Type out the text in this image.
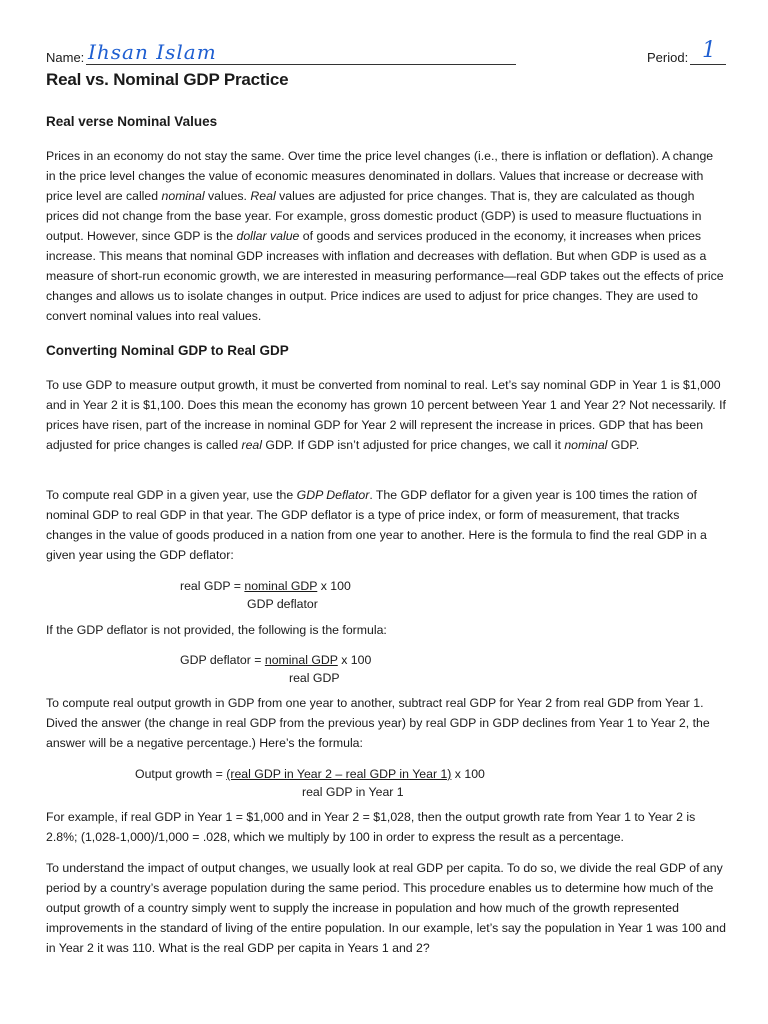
Name: Ihsan Islam	Period: 1
Real vs. Nominal GDP Practice
Real verse Nominal Values

Prices in an economy do not stay the same. Over time the price level changes (i.e., there is inflation or deflation). A change in the price level changes the value of economic measures denominated in dollars. Values that increase or decrease with price level are called nominal values. Real values are adjusted for price changes. That is, they are calculated as though prices did not change from the base year. For example, gross domestic product (GDP) is used to measure fluctuations in output. However, since GDP is the dollar value of goods and services produced in the economy, it increases when prices increase. This means that nominal GDP increases with inflation and decreases with deflation. But when GDP is used as a measure of short-run economic growth, we are interested in measuring performance—real GDP takes out the effects of price changes and allows us to isolate changes in output. Price indices are used to adjust for price changes. They are used to convert nominal values into real values.

Converting Nominal GDP to Real GDP

To use GDP to measure output growth, it must be converted from nominal to real. Let’s say nominal GDP in Year 1 is $1,000 and in Year 2 it is $1,100. Does this mean the economy has grown 10 percent between Year 1 and Year 2? Not necessarily. If prices have risen, part of the increase in nominal GDP for Year 2 will represent the increase in prices. GDP that has been adjusted for price changes is called real GDP. If GDP isn’t adjusted for price changes, we call it nominal GDP.

To compute real GDP in a given year, use the GDP Deflator. The GDP deflator for a given year is 100 times the ration of nominal GDP to real GDP in that year. The GDP deflator is a type of price index, or form of measurement, that tracks changes in the value of goods produced in a nation from one year to another. Here is the formula to find the real GDP in a given year using the GDP deflator:

real GDP = nominal GDP x 100
GDP deflator

If the GDP deflator is not provided, the following is the formula:

GDP deflator = nominal GDP x 100
real GDP

To compute real output growth in GDP from one year to another, subtract real GDP for Year 2 from real GDP from Year 1. Dived the answer (the change in real GDP from the previous year) by real GDP in GDP declines from Year 1 to Year 2, the answer will be a negative percentage.) Here’s the formula:

Output growth = (real GDP in Year 2 – real GDP in Year 1) x 100
real GDP in Year 1

For example, if real GDP in Year 1 = $1,000 and in Year 2 = $1,028, then the output growth rate from Year 1 to Year 2 is 2.8%; (1,028-1,000)/1,000 = .028, which we multiply by 100 in order to express the result as a percentage.

To understand the impact of output changes, we usually look at real GDP per capita. To do so, we divide the real GDP of any period by a country’s average population during the same period. This procedure enables us to determine how much of the output growth of a country simply went to supply the increase in population and how much of the growth represented improvements in the standard of living of the entire population. In our example, let’s say the population in Year 1 was 100 and in Year 2 it was 110. What is the real GDP per capita in Years 1 and 2?
